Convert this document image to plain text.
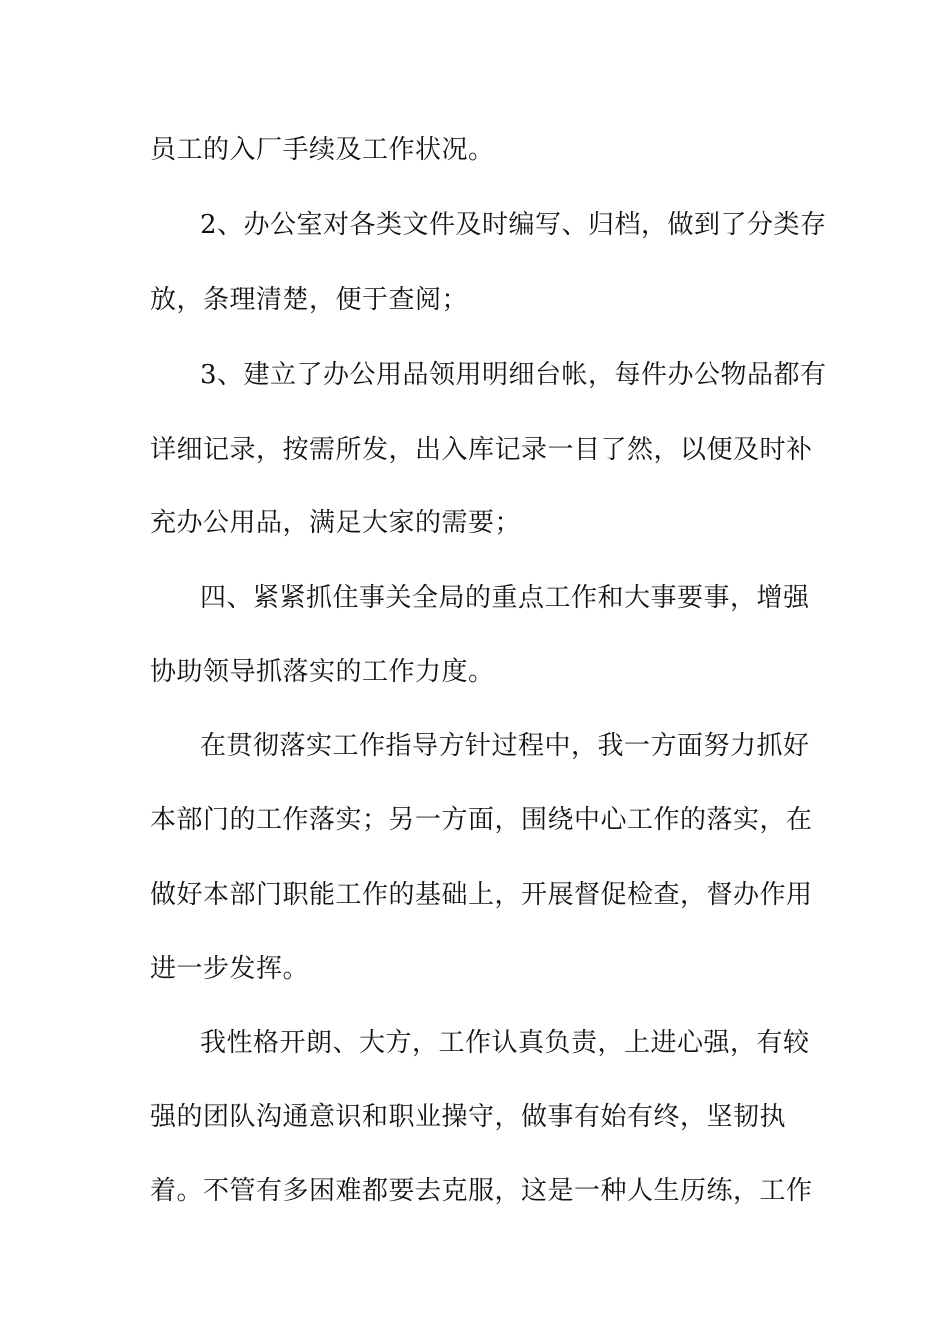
员工的入厂手续及工作状况。
2、办公室对各类文件及时编写、归档，做到了分类存
放，条理清楚，便于查阅；
3、建立了办公用品领用明细台帐，每件办公物品都有
详细记录，按需所发，出入库记录一目了然，以便及时补
充办公用品，满足大家的需要；
四、紧紧抓住事关全局的重点工作和大事要事，增强
协助领导抓落实的工作力度。
在贯彻落实工作指导方针过程中，我一方面努力抓好
本部门的工作落实；另一方面，围绕中心工作的落实，在
做好本部门职能工作的基础上，开展督促检查，督办作用
进一步发挥。
我性格开朗、大方，工作认真负责，上进心强，有较
强的团队沟通意识和职业操守，做事有始有终，坚韧执
着。不管有多困难都要去克服，这是一种人生历练，工作
